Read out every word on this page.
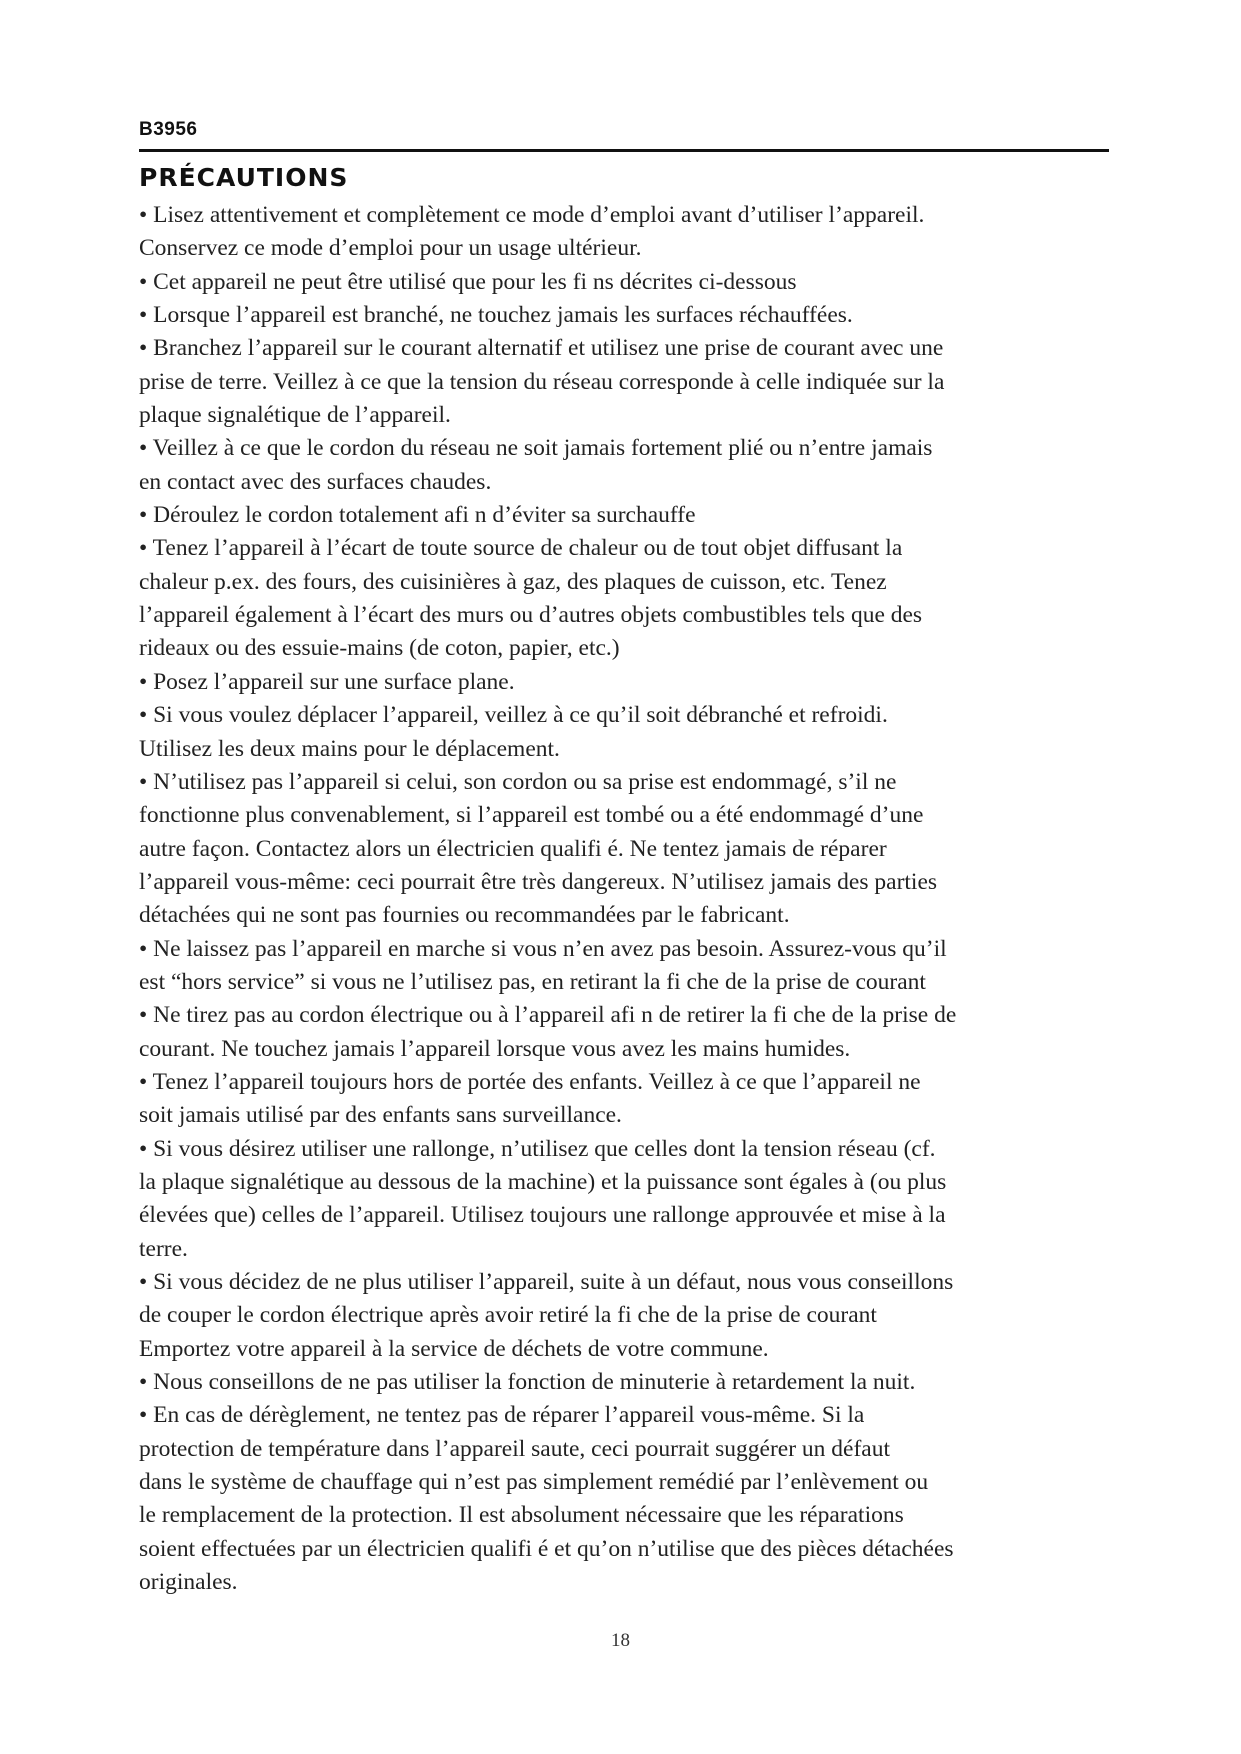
B3956
PRÉCAUTIONS
• Lisez attentivement et complètement ce mode d’emploi avant d’utiliser l’appareil.
Conservez ce mode d’emploi pour un usage ultérieur.
• Cet appareil ne peut être utilisé que pour les fi ns décrites ci-dessous
• Lorsque l’appareil est branché, ne touchez jamais les surfaces réchauffées.
• Branchez l’appareil sur le courant alternatif et utilisez une prise de courant avec une
prise de terre. Veillez à ce que la tension du réseau corresponde à celle indiquée sur la
plaque signalétique de l’appareil.
• Veillez à ce que le cordon du réseau ne soit jamais fortement plié ou n’entre jamais
en contact avec des surfaces chaudes.
• Déroulez le cordon totalement afi n d’éviter sa surchauffe
• Tenez l’appareil à l’écart de toute source de chaleur ou de tout objet diffusant la
chaleur p.ex. des fours, des cuisinières à gaz, des plaques de cuisson, etc. Tenez
l’appareil également à l’écart des murs ou d’autres objets combustibles tels que des
rideaux ou des essuie-mains (de coton, papier, etc.)
• Posez l’appareil sur une surface plane.
• Si vous voulez déplacer l’appareil, veillez à ce qu’il soit débranché et refroidi.
Utilisez les deux mains pour le déplacement.
• N’utilisez pas l’appareil si celui, son cordon ou sa prise est endommagé, s’il ne
fonctionne plus convenablement, si l’appareil est tombé ou a été endommagé d’une
autre façon. Contactez alors un électricien qualifi é. Ne tentez jamais de réparer
l’appareil vous-même: ceci pourrait être très dangereux. N’utilisez jamais des parties
détachées qui ne sont pas fournies ou recommandées par le fabricant.
• Ne laissez pas l’appareil en marche si vous n’en avez pas besoin. Assurez-vous qu’il
est “hors service” si vous ne l’utilisez pas, en retirant la fi che de la prise de courant
• Ne tirez pas au cordon électrique ou à l’appareil afi n de retirer la fi che de la prise de
courant. Ne touchez jamais l’appareil lorsque vous avez les mains humides.
• Tenez l’appareil toujours hors de portée des enfants. Veillez à ce que l’appareil ne
soit jamais utilisé par des enfants sans surveillance.
• Si vous désirez utiliser une rallonge, n’utilisez que celles dont la tension réseau (cf.
la plaque signalétique au dessous de la machine) et la puissance sont égales à (ou plus
élevées que) celles de l’appareil. Utilisez toujours une rallonge approuvée et mise à la
terre.
• Si vous décidez de ne plus utiliser l’appareil, suite à un défaut, nous vous conseillons
de couper le cordon électrique après avoir retiré la fi che de la prise de courant
Emportez votre appareil à la service de déchets de votre commune.
• Nous conseillons de ne pas utiliser la fonction de minuterie à retardement la nuit.
• En cas de dérèglement, ne tentez pas de réparer l’appareil vous-même. Si la
protection de température dans l’appareil saute, ceci pourrait suggérer un défaut
dans le système de chauffage qui n’est pas simplement remédié par l’enlèvement ou
le remplacement de la protection. Il est absolument nécessaire que les réparations
soient effectuées par un électricien qualifi é et qu’on n’utilise que des pièces détachées
originales.
18
